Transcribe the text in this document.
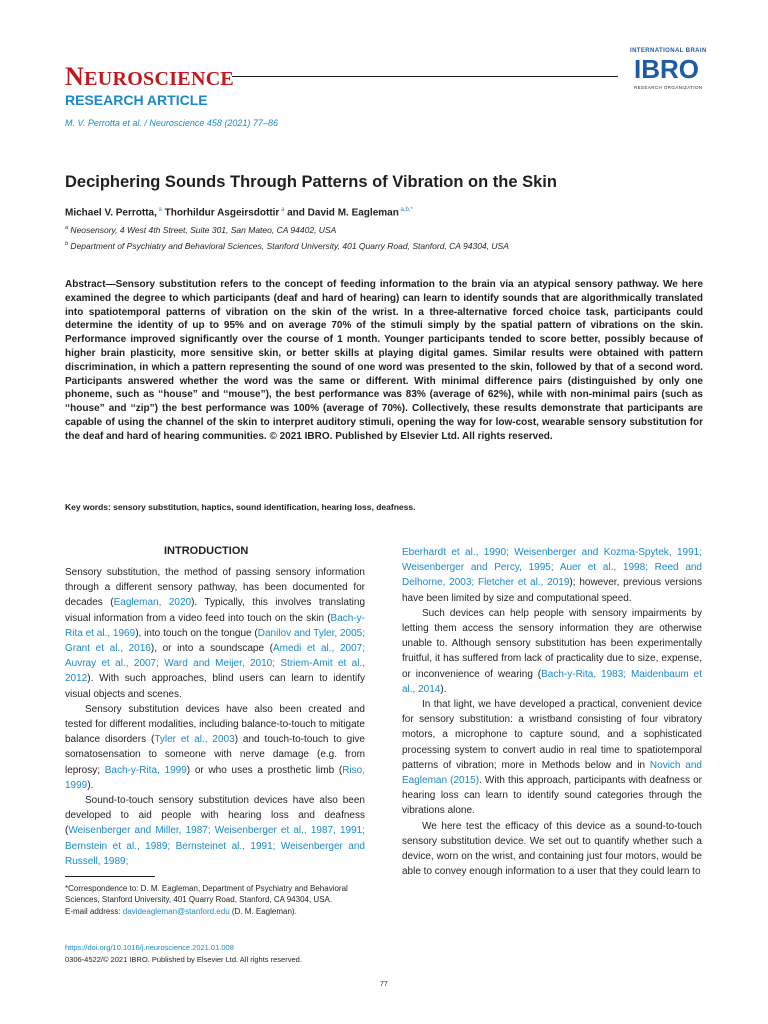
NEUROSCIENCE
INTERNATIONAL BRAIN
IBRO
RESEARCH ORGANIZATION
RESEARCH ARTICLE
M. V. Perrotta et al. / Neuroscience 458 (2021) 77–86
Deciphering Sounds Through Patterns of Vibration on the Skin
Michael V. Perrotta, $^a$ Thorhildur Asgeirsdottir $^a$ and David M. Eagleman $^{a,b,*}$
$^a$ Neosensory, 4 West 4th Street, Suite 301, San Mateo, CA 94402, USA
$^b$ Department of Psychiatry and Behavioral Sciences, Stanford University, 401 Quarry Road, Stanford, CA 94304, USA
Abstract—Sensory substitution refers to the concept of feeding information to the brain via an atypical sensory pathway. We here examined the degree to which participants (deaf and hard of hearing) can learn to identify sounds that are algorithmically translated into spatiotemporal patterns of vibration on the skin of the wrist. In a three-alternative forced choice task, participants could determine the identity of up to 95% and on average 70% of the stimuli simply by the spatial pattern of vibrations on the skin. Performance improved significantly over the course of 1 month. Younger participants tended to score better, possibly because of higher brain plasticity, more sensitive skin, or better skills at playing digital games. Similar results were obtained with pattern discrimination, in which a pattern representing the sound of one word was presented to the skin, followed by that of a second word. Participants answered whether the word was the same or different. With minimal difference pairs (distinguished by only one phoneme, such as ‘‘house” and ‘‘mouse”), the best performance was 83% (average of 62%), while with non-minimal pairs (such as ‘‘house” and ‘‘zip”) the best performance was 100% (average of 70%). Collectively, these results demonstrate that participants are capable of using the channel of the skin to interpret auditory stimuli, opening the way for low-cost, wearable sensory substitution for the deaf and hard of hearing communities. © 2021 IBRO. Published by Elsevier Ltd. All rights reserved.
Key words: sensory substitution, haptics, sound identification, hearing loss, deafness.
INTRODUCTION

Sensory substitution, the method of passing sensory information through a different sensory pathway, has been documented for decades (Eagleman, 2020). Typically, this involves translating visual information from a video feed into touch on the skin (Bach-y-Rita et al., 1969), into touch on the tongue (Danilov and Tyler, 2005; Grant et al., 2016), or into a soundscape (Amedi et al., 2007; Auvray et al., 2007; Ward and Meijer, 2010; Striem-Amit et al., 2012). With such approaches, blind users can learn to identify visual objects and scenes.

Sensory substitution devices have also been created and tested for different modalities, including balance-to-touch to mitigate balance disorders (Tyler et al., 2003) and touch-to-touch to give somatosensation to someone with nerve damage (e.g. from leprosy; Bach-y-Rita, 1999) or who uses a prosthetic limb (Riso, 1999).

Sound-to-touch sensory substitution devices have also been developed to aid people with hearing loss and deafness (Weisenberger and Miller, 1987; Weisenberger et al., 1987, 1991; Bernstein et al., 1989; Bernsteinet al., 1991; Weisenberger and Russell, 1989;

Eberhardt et al., 1990; Weisenberger and Kozma-Spytek, 1991; Weisenberger and Percy, 1995; Auer et al., 1998; Reed and Delhorne, 2003; Fletcher et al., 2019); however, previous versions have been limited by size and computational speed.

Such devices can help people with sensory impairments by letting them access the sensory information they are otherwise unable to. Although sensory substitution has been experimentally fruitful, it has suffered from lack of practicality due to size, expense, or inconvenience of wearing (Bach-y-Rita, 1983; Maidenbaum et al., 2014).

In that light, we have developed a practical, convenient device for sensory substitution: a wristband consisting of four vibratory motors, a microphone to capture sound, and a sophisticated processing system to convert audio in real time to spatiotemporal patterns of vibration; more in Methods below and in Novich and Eagleman (2015). With this approach, participants with deafness or hearing loss can learn to identify sound categories through the vibrations alone.

We here test the efficacy of this device as a sound-to-touch sensory substitution device. We set out to quantify whether such a device, worn on the wrist, and containing just four motors, would be able to convey enough information to a user that they could learn to

*Correspondence to: D. M. Eagleman, Department of Psychiatry and Behavioral Sciences, Stanford University, 401 Quarry Road, Stanford, CA 94304, USA.
E-mail address: davideagleman@stanford.edu (D. M. Eagleman).
https://doi.org/10.1016/j.neuroscience.2021.01.008
0306-4522/© 2021 IBRO. Published by Elsevier Ltd. All rights reserved.
77
